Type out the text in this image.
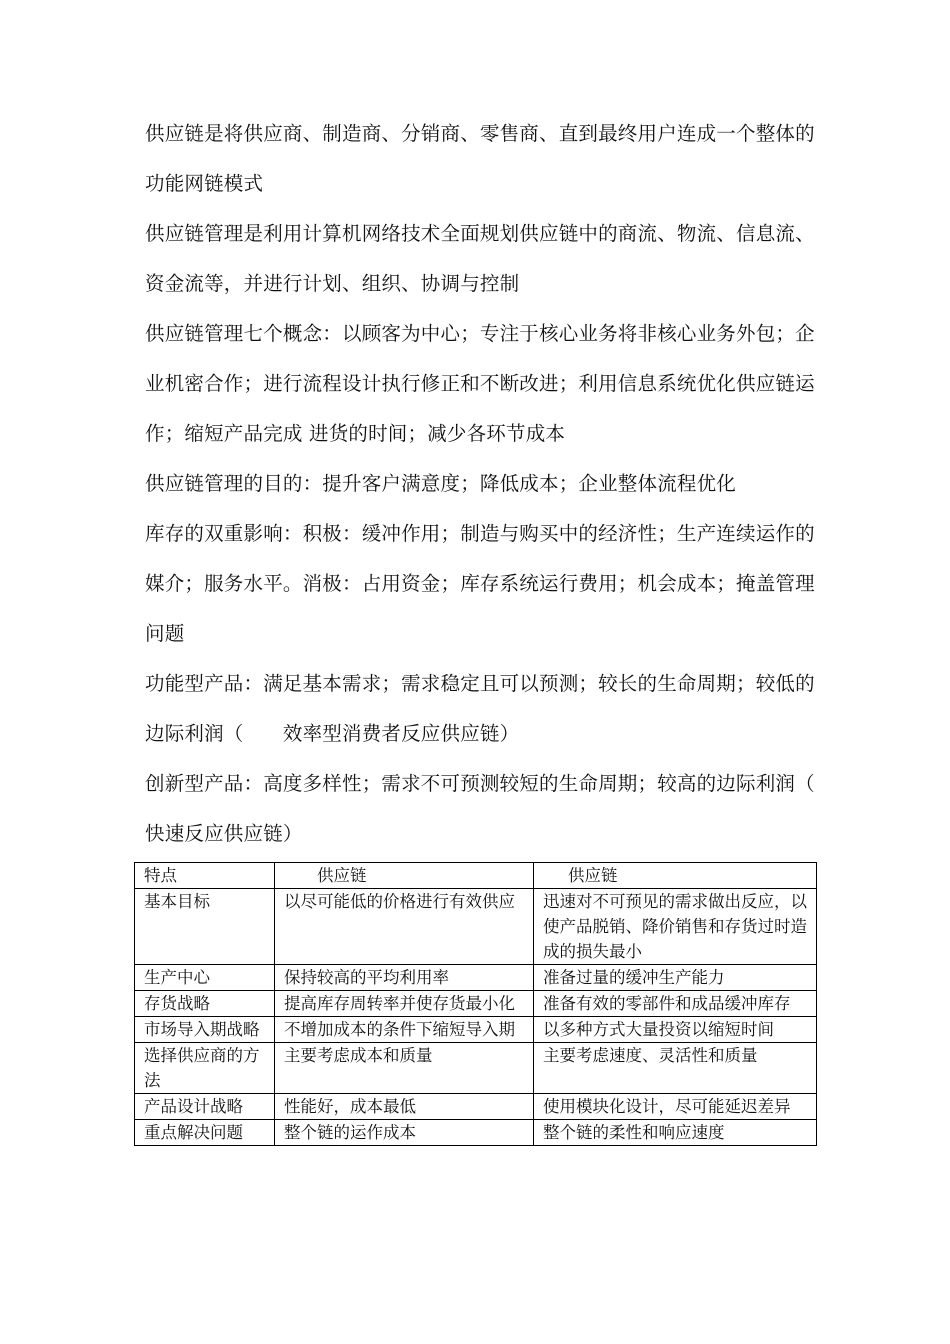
供应链是将供应商、制造商、分销商、零售商、直到最终用户连成一个整体的功能网链模式

供应链管理是利用计算机网络技术全面规划供应链中的商流、物流、信息流、资金流等，并进行计划、组织、协调与控制

供应链管理七个概念：以顾客为中心；专注于核心业务将非核心业务外包；企业机密合作；进行流程设计执行修正和不断改进；利用信息系统优化供应链运作；缩短产品完成 进货的时间；减少各环节成本

供应链管理的目的：提升客户满意度；降低成本；企业整体流程优化

库存的双重影响：积极：缓冲作用；制造与购买中的经济性；生产连续运作的媒介；服务水平。消极：占用资金；库存系统运行费用；机会成本；掩盖管理问题

功能型产品：满足基本需求；需求稳定且可以预测；较长的生命周期；较低的边际利润（　　效率型消费者反应供应链）

创新型产品：高度多样性；需求不可预测较短的生命周期；较高的边际利润（　　快速反应供应链）

特点	供应链	供应链
基本目标	以尽可能低的价格进行有效供应	迅速对不可预见的需求做出反应，以使产品脱销、降价销售和存货过时造成的损失最小
生产中心	保持较高的平均利用率	准备过量的缓冲生产能力
存货战略	提高库存周转率并使存货最小化	准备有效的零部件和成品缓冲库存
市场导入期战略	不增加成本的条件下缩短导入期	以多种方式大量投资以缩短时间
选择供应商的方法	主要考虑成本和质量	主要考虑速度、灵活性和质量
产品设计战略	性能好，成本最低	使用模块化设计，尽可能延迟差异
重点解决问题	整个链的运作成本	整个链的柔性和响应速度
